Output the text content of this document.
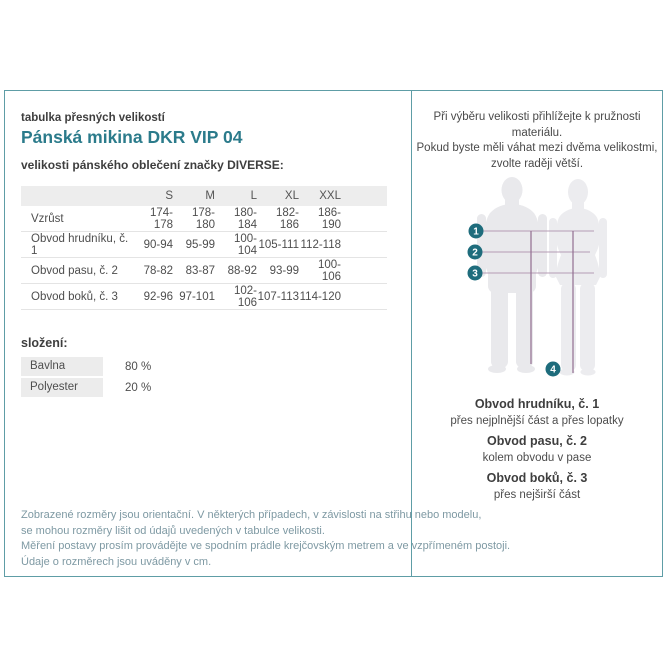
tabulka přesných velikostí
Pánská mikina DKR VIP 04
velikosti pánského oblečení značky DIVERSE:
	S	M	L	XL	XXL	
Vzrůst	174-178	178-180	180-184	182-186	186-190	
Obvod hrudníku, č. 1	90-94	95-99	100-104	105-111	112-118	
Obvod pasu, č. 2	78-82	83-87	88-92	93-99	100-106	
Obvod boků, č. 3	92-96	97-101	102-106	107-113	114-120	
složení:
Bavlna	80 %
Polyester	20 %
Zobrazené rozměry jsou orientační. V některých případech, v závislosti na střihu nebo modelu,
se mohou rozměry lišit od údajů uvedených v tabulce velikosti.
Měření postavy prosím provádějte ve spodním prádle krejčovským metrem a ve vzpřímeném postoji.
Údaje o rozměrech jsou uváděny v cm.
Při výběru velikosti přihlížejte k pružnosti materiálu.
Pokud byste měli váhat mezi dvěma velikostmi,
zvolte raději větší.
1
2
3
4
Obvod hrudníku, č. 1
přes nejplnější část a přes lopatky
Obvod pasu, č. 2
kolem obvodu v pase
Obvod boků, č. 3
přes nejširší část
